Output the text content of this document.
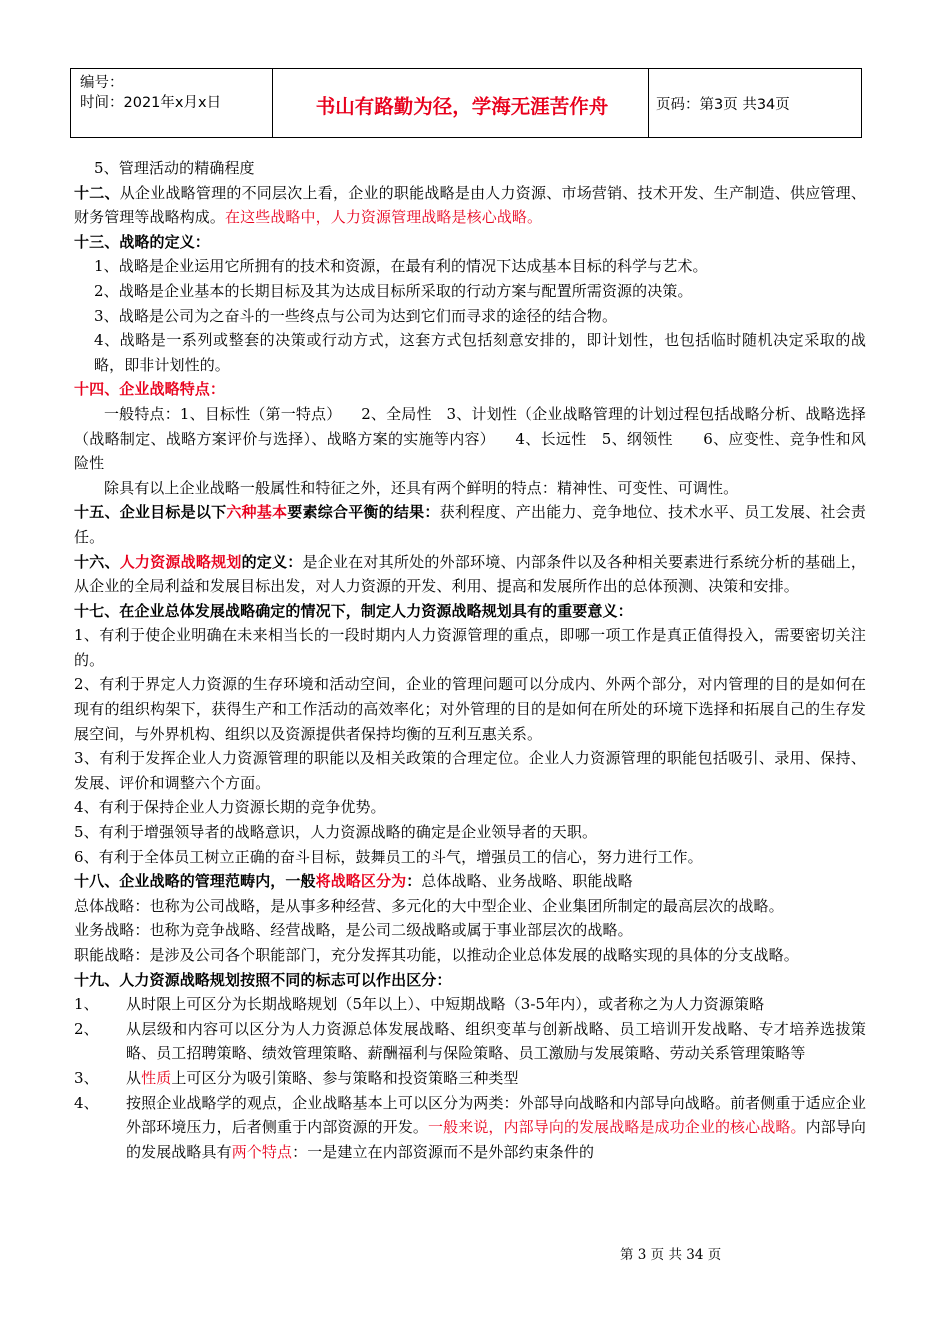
编号：
时间：2021年x月x日	书山有路勤为径，学海无涯苦作舟	页码：第3页 共34页

5、管理活动的精确程度

十二、从企业战略管理的不同层次上看，企业的职能战略是由人力资源、市场营销、技术开发、生产制造、供应管理、财务管理等战略构成。在这些战略中，人力资源管理战略是核心战略。

十三、战略的定义：

1、战略是企业运用它所拥有的技术和资源，在最有利的情况下达成基本目标的科学与艺术。

2、战略是企业基本的长期目标及其为达成目标所采取的行动方案与配置所需资源的决策。

3、战略是公司为之奋斗的一些终点与公司为达到它们而寻求的途径的结合物。

4、战略是一系列或整套的决策或行动方式，这套方式包括刻意安排的，即计划性，也包括临时随机决定采取的战略，即非计划性的。

十四、企业战略特点：

一般特点：1、目标性（第一特点）    2、全局性   3、计划性（企业战略管理的计划过程包括战略分析、战略选择（战略制定、战略方案评价与选择）、战略方案的实施等内容）    4、长远性   5、纲领性      6、应变性、竞争性和风险性

除具有以上企业战略一般属性和特征之外，还具有两个鲜明的特点：精神性、可变性、可调性。

十五、企业目标是以下六种基本要素综合平衡的结果：获利程度、产出能力、竞争地位、技术水平、员工发展、社会责任。

十六、人力资源战略规划的定义：是企业在对其所处的外部环境、内部条件以及各种相关要素进行系统分析的基础上，从企业的全局利益和发展目标出发，对人力资源的开发、利用、提高和发展所作出的总体预测、决策和安排。

十七、在企业总体发展战略确定的情况下，制定人力资源战略规划具有的重要意义：

1、有利于使企业明确在未来相当长的一段时期内人力资源管理的重点，即哪一项工作是真正值得投入，需要密切关注的。

2、有利于界定人力资源的生存环境和活动空间，企业的管理问题可以分成内、外两个部分，对内管理的目的是如何在现有的组织构架下，获得生产和工作活动的高效率化；对外管理的目的是如何在所处的环境下选择和拓展自己的生存发展空间，与外界机构、组织以及资源提供者保持均衡的互利互惠关系。

3、有利于发挥企业人力资源管理的职能以及相关政策的合理定位。企业人力资源管理的职能包括吸引、录用、保持、发展、评价和调整六个方面。

4、有利于保持企业人力资源长期的竞争优势。

5、有利于增强领导者的战略意识，人力资源战略的确定是企业领导者的天职。

6、有利于全体员工树立正确的奋斗目标，鼓舞员工的斗气，增强员工的信心，努力进行工作。

十八、企业战略的管理范畴内，一般将战略区分为：总体战略、业务战略、职能战略

总体战略：也称为公司战略，是从事多种经营、多元化的大中型企业、企业集团所制定的最高层次的战略。

业务战略：也称为竞争战略、经营战略，是公司二级战略或属于事业部层次的战略。

职能战略：是涉及公司各个职能部门，充分发挥其功能，以推动企业总体发展的战略实现的具体的分支战略。

十九、人力资源战略规划按照不同的标志可以作出区分：

1、 从时限上可区分为长期战略规划（5年以上）、中短期战略（3-5年内），或者称之为人力资源策略

2、 从层级和内容可以区分为人力资源总体发展战略、组织变革与创新战略、员工培训开发战略、专才培养选拔策略、员工招聘策略、绩效管理策略、薪酬福利与保险策略、员工激励与发展策略、劳动关系管理策略等

3、 从性质上可区分为吸引策略、参与策略和投资策略三种类型

4、 按照企业战略学的观点，企业战略基本上可以区分为两类：外部导向战略和内部导向战略。前者侧重于适应企业外部环境压力，后者侧重于内部资源的开发。一般来说，内部导向的发展战略是成功企业的核心战略。内部导向的发展战略具有两个特点：一是建立在内部资源而不是外部约束条件的

第 3 页 共 34 页
